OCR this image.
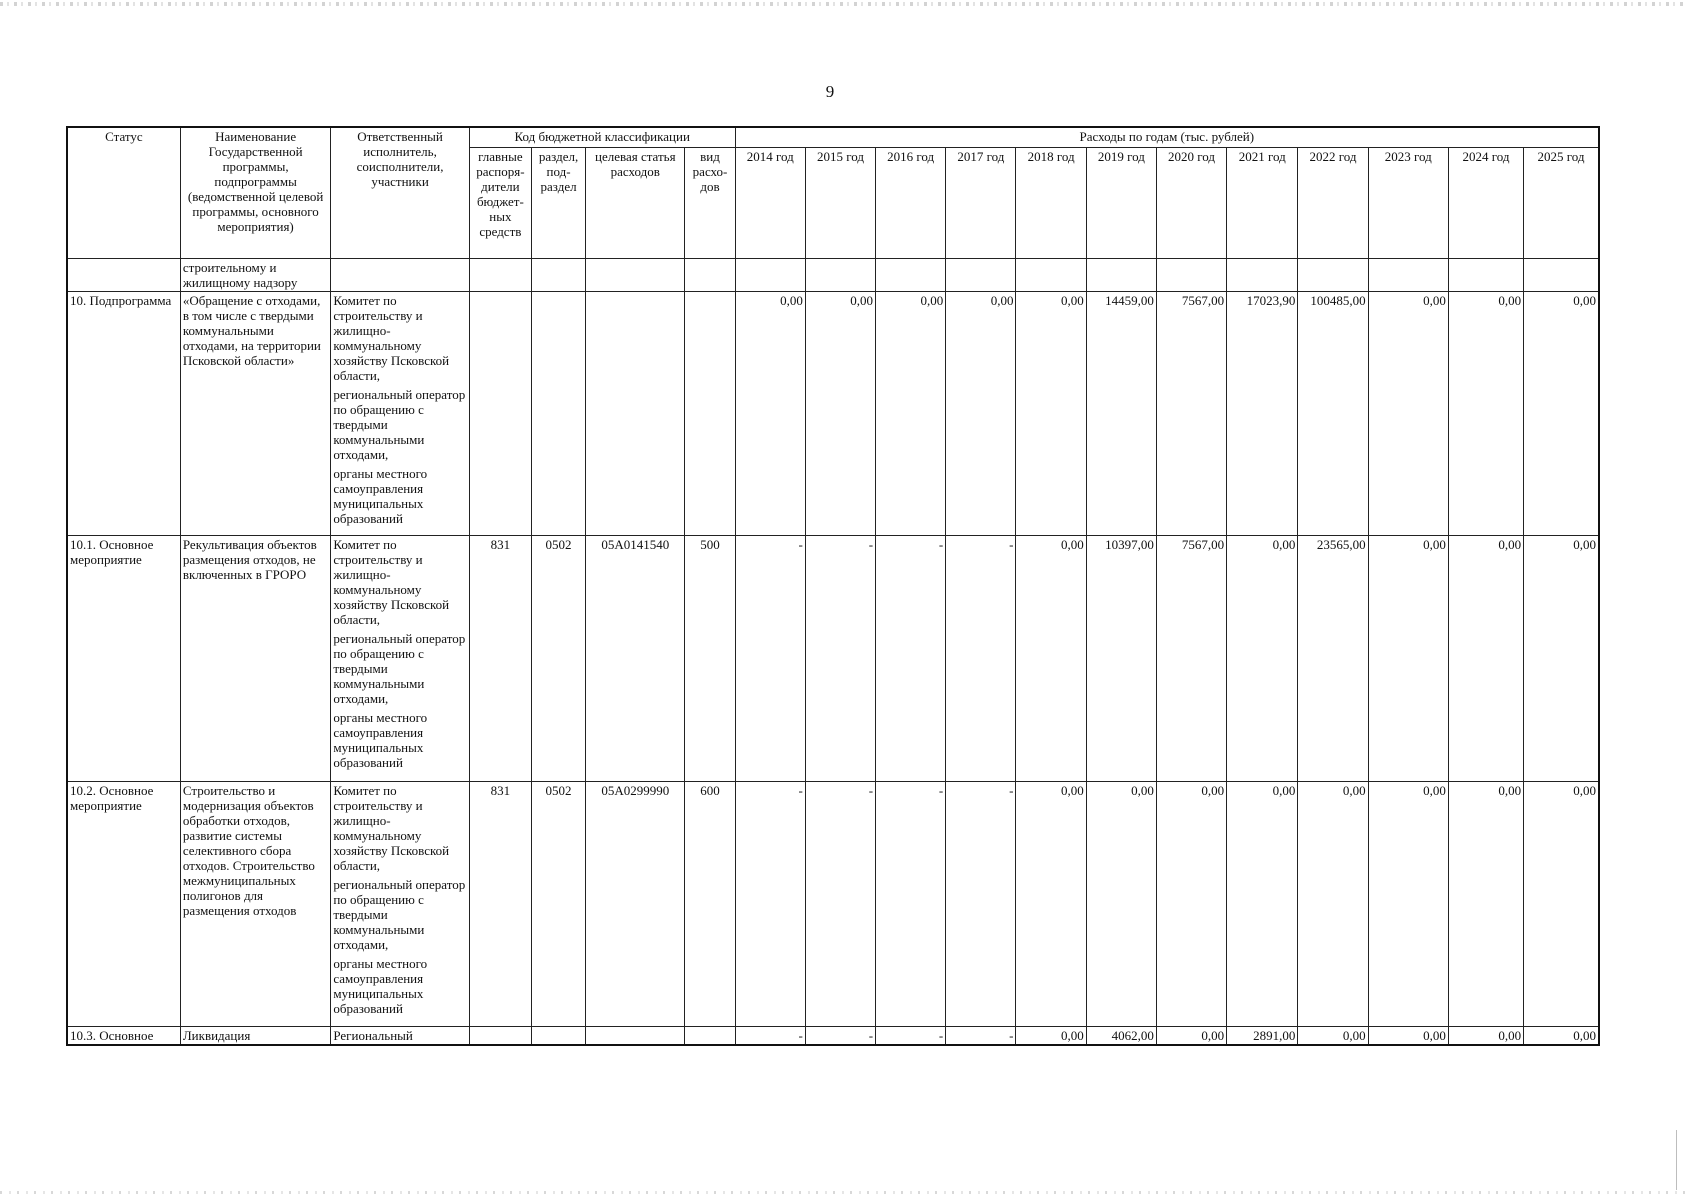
9
Статус	Наименование Государственной программы, подпрограммы (ведомственной целевой программы, основного мероприятия)	Ответственный исполнитель, соисполнители, участники	Код бюджетной классификации				Расходы по годам (тыс. рублей)											
			главные распоря-дители бюджет-ных средств	раздел, под-раздел	целевая статья расходов	вид расхо-дов	2014 год	2015 год	2016 год	2017 год	2018 год	2019 год	2020 год	2021 год	2022 год	2023 год	2024 год	2025 год
	строительному и жилищному надзору																	
10. Подпрограмма	«Обращение с отходами, в том числе с твердыми коммунальными отходами, на территории Псковской области»	Комитет по строительству и жилищно-коммунальному хозяйству Псковской области,
региональный оператор по обращению с твердыми коммунальными отходами,
органы местного самоуправления муниципальных образований					0,00	0,00	0,00	0,00	0,00	14459,00	7567,00	17023,90	100485,00	0,00	0,00	0,00
10.1. Основное мероприятие	Рекультивация объектов размещения отходов, не включенных в ГРОРО	Комитет по строительству и жилищно-коммунальному хозяйству Псковской области,
региональный оператор по обращению с твердыми коммунальными отходами,
органы местного самоуправления муниципальных образований	831	0502	05А0141540	500	-	-	-	-	0,00	10397,00	7567,00	0,00	23565,00	0,00	0,00	0,00
10.2. Основное мероприятие	Строительство и модернизация объектов обработки отходов, развитие системы селективного сбора отходов. Строительство межмуниципальных полигонов для размещения отходов	Комитет по строительству и жилищно-коммунальному хозяйству Псковской области,
региональный оператор по обращению с твердыми коммунальными отходами,
органы местного самоуправления муниципальных образований	831	0502	05А0299990	600	-	-	-	-	0,00	0,00	0,00	0,00	0,00	0,00	0,00	0,00
10.3. Основное	Ликвидация	Региональный					-	-	-	-	0,00	4062,00	0,00	2891,00	0,00	0,00	0,00	0,00
